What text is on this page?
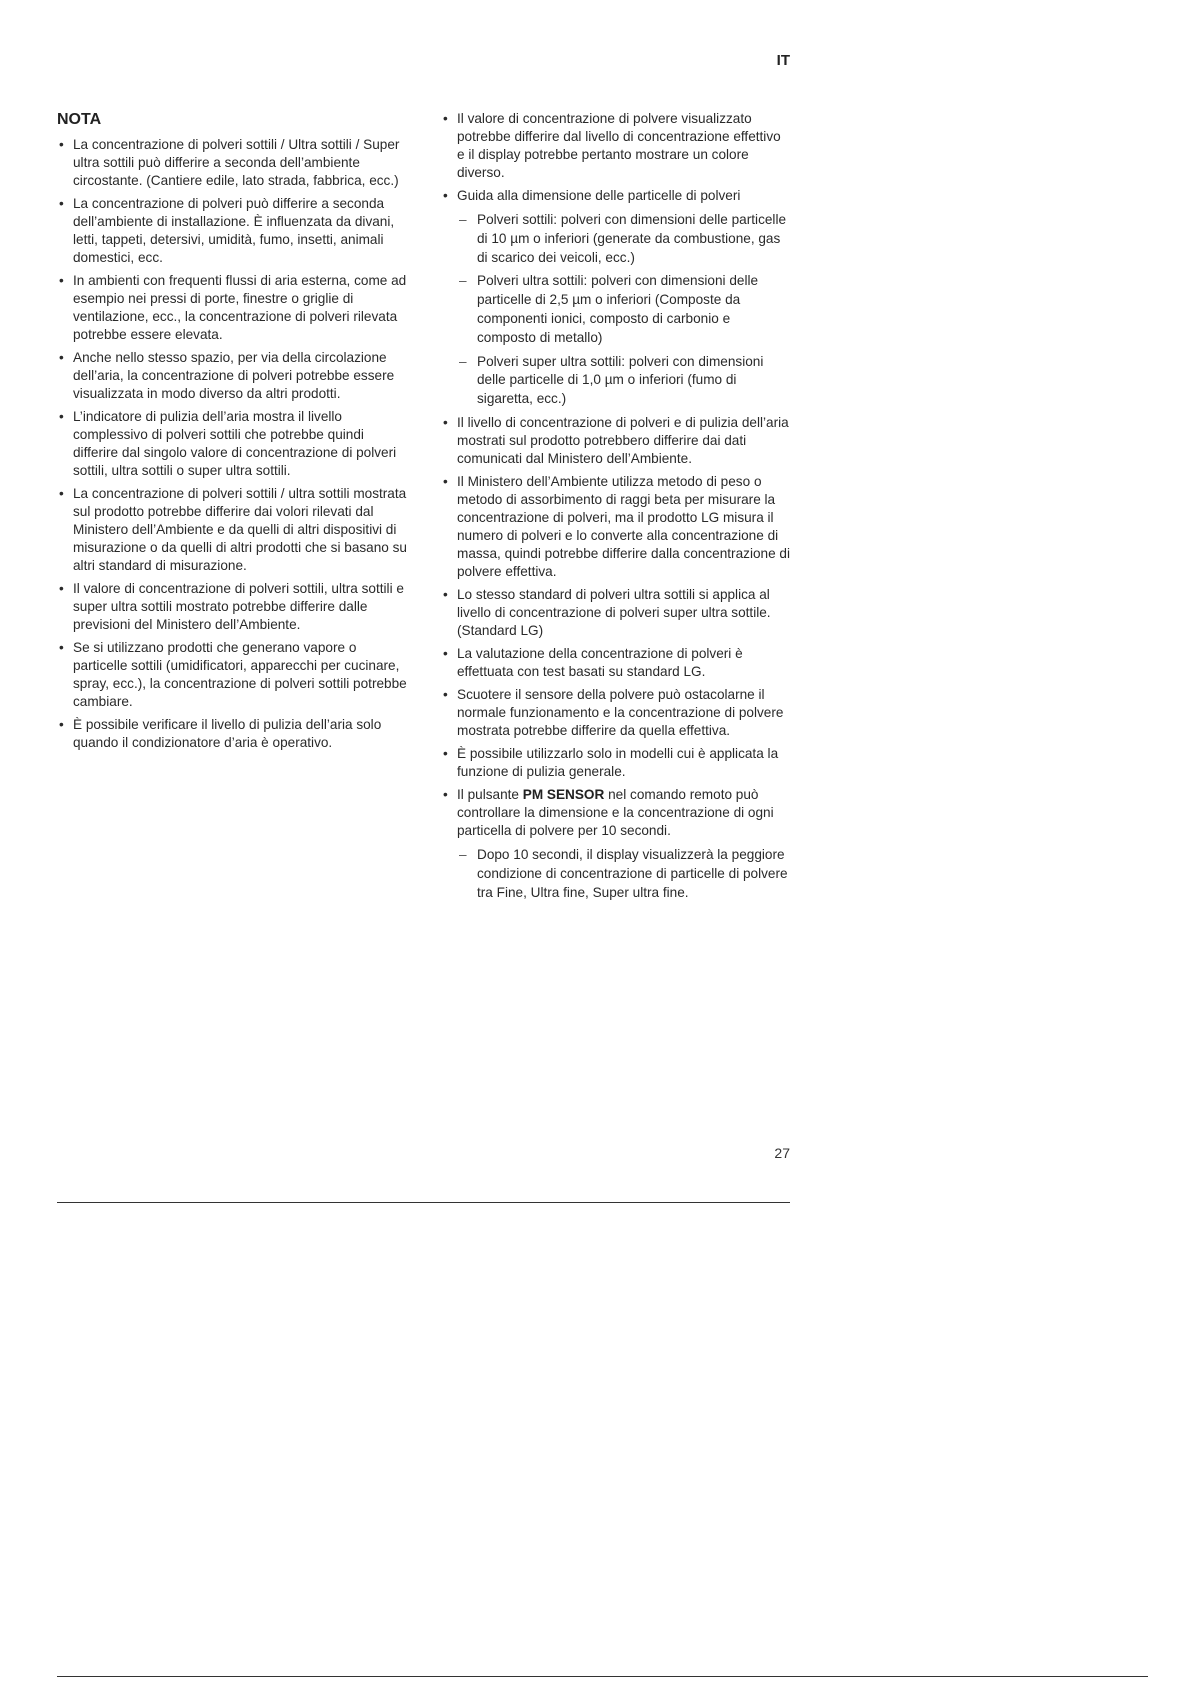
IT
NOTA
• La concentrazione di polveri sottili / Ultra sottili / Super ultra sottili può differire a seconda dell’ambiente circostante. (Cantiere edile, lato strada, fabbrica, ecc.)
• La concentrazione di polveri può differire a seconda dell’ambiente di installazione. È influenzata da divani, letti, tappeti, detersivi, umidità, fumo, insetti, animali domestici, ecc.
• In ambienti con frequenti flussi di aria esterna, come ad esempio nei pressi di porte, finestre o griglie di ventilazione, ecc., la concentrazione di polveri rilevata potrebbe essere elevata.
• Anche nello stesso spazio, per via della circolazione dell’aria, la concentrazione di polveri potrebbe essere visualizzata in modo diverso da altri prodotti.
• L’indicatore di pulizia dell’aria mostra il livello complessivo di polveri sottili che potrebbe quindi differire dal singolo valore di concentrazione di polveri sottili, ultra sottili o super ultra sottili.
• La concentrazione di polveri sottili / ultra sottili mostrata sul prodotto potrebbe differire dai volori rilevati dal Ministero dell’Ambiente e da quelli di altri dispositivi di misurazione o da quelli di altri prodotti che si basano su altri standard di misurazione.
• Il valore di concentrazione di polveri sottili, ultra sottili e super ultra sottili mostrato potrebbe differire dalle previsioni del Ministero dell’Ambiente.
• Se si utilizzano prodotti che generano vapore o particelle sottili (umidificatori, apparecchi per cucinare, spray, ecc.), la concentrazione di polveri sottili potrebbe cambiare.
• È possibile verificare il livello di pulizia dell’aria solo quando il condizionatore d’aria è operativo.
• Il valore di concentrazione di polvere visualizzato potrebbe differire dal livello di concentrazione effettivo e il display potrebbe pertanto mostrare un colore diverso.
• Guida alla dimensione delle particelle di polveri
– Polveri sottili: polveri con dimensioni delle particelle di 10 µm o inferiori (generate da combustione, gas di scarico dei veicoli, ecc.)
– Polveri ultra sottili: polveri con dimensioni delle particelle di 2,5 µm o inferiori (Composte da componenti ionici, composto di carbonio e composto di metallo)
– Polveri super ultra sottili: polveri con dimensioni delle particelle di 1,0 µm o inferiori (fumo di sigaretta, ecc.)
• Il livello di concentrazione di polveri e di pulizia dell’aria mostrati sul prodotto potrebbero differire dai dati comunicati dal Ministero dell’Ambiente.
• Il Ministero dell’Ambiente utilizza metodo di peso o metodo di assorbimento di raggi beta per misurare la concentrazione di polveri, ma il prodotto LG misura il numero di polveri e lo converte alla concentrazione di massa, quindi potrebbe differire dalla concentrazione di polvere effettiva.
• Lo stesso standard di polveri ultra sottili si applica al livello di concentrazione di polveri super ultra sottile. (Standard LG)
• La valutazione della concentrazione di polveri è effettuata con test basati su standard LG.
• Scuotere il sensore della polvere può ostacolarne il normale funzionamento e la concentrazione di polvere mostrata potrebbe differire da quella effettiva.
• È possibile utilizzarlo solo in modelli cui è applicata la funzione di pulizia generale.
• Il pulsante PM SENSOR nel comando remoto può controllare la dimensione e la concentrazione di ogni particella di polvere per 10 secondi.
– Dopo 10 secondi, il display visualizzerà la peggiore condizione di concentrazione di particelle di polvere tra Fine, Ultra fine, Super ultra fine.
27
